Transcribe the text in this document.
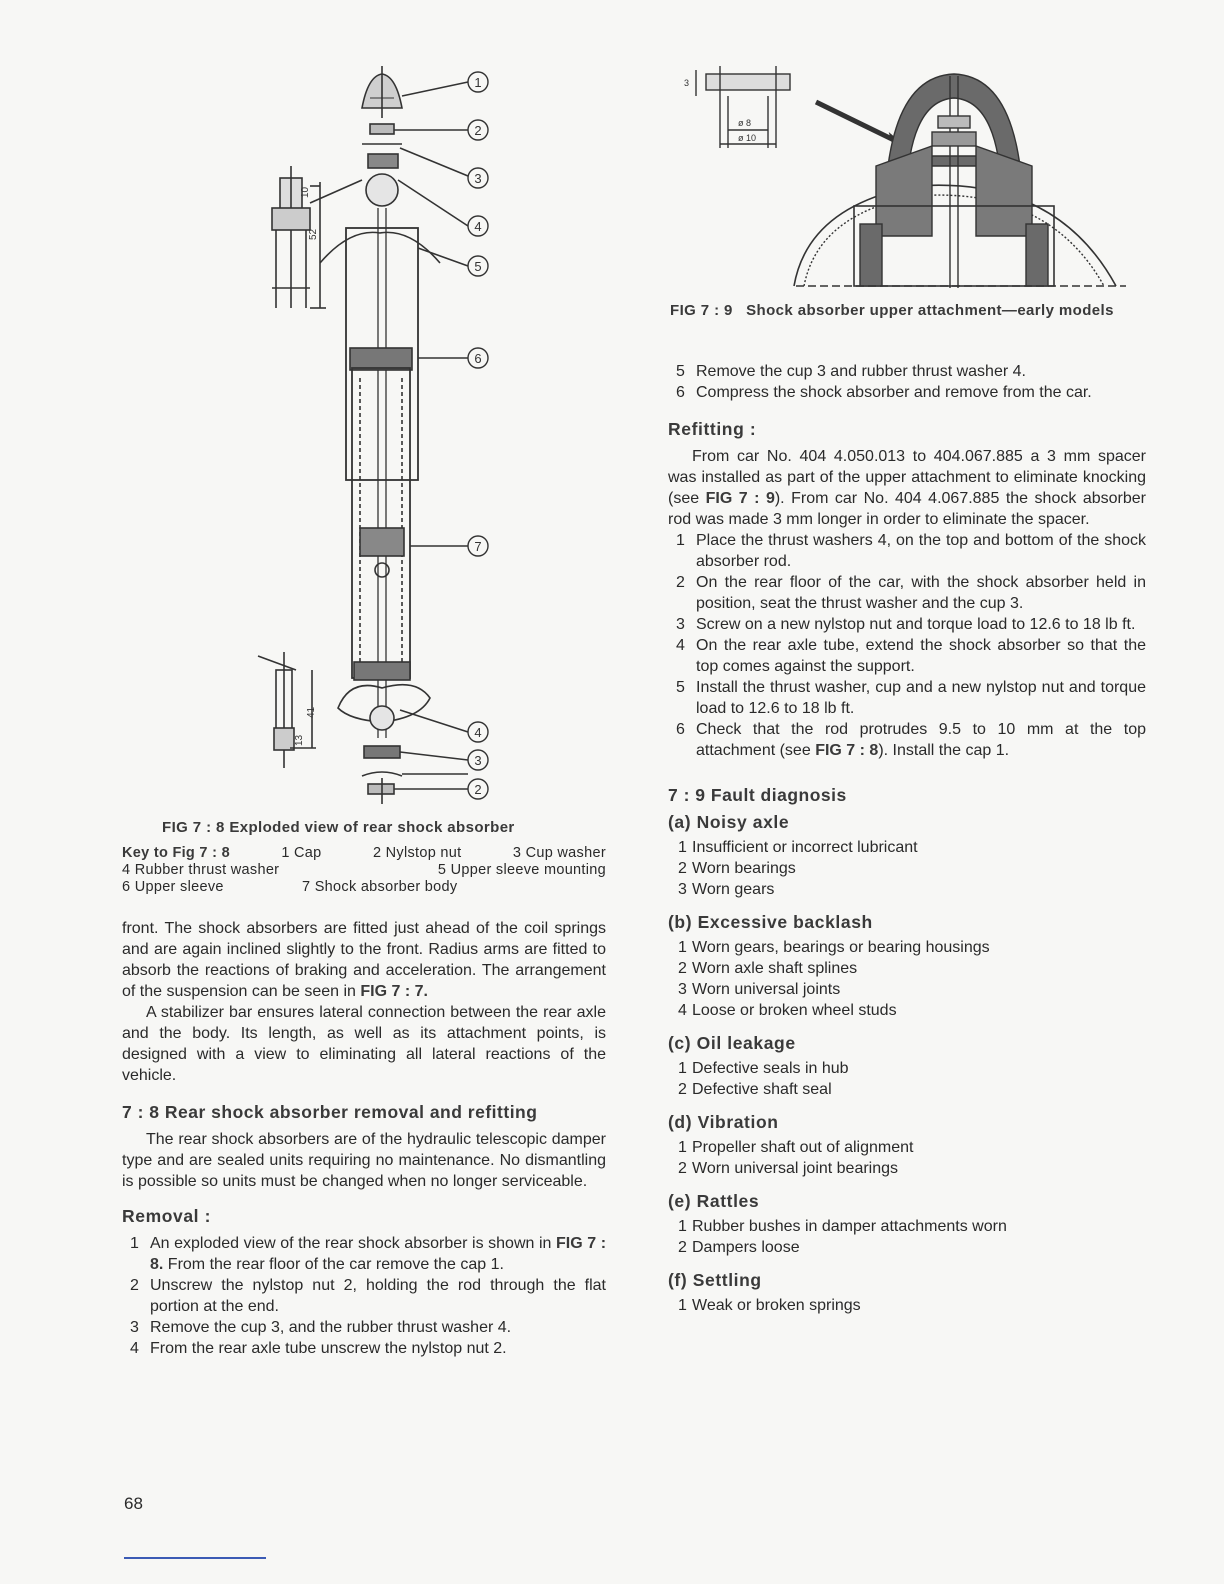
1
2
3
4
5
6
7
4
3
2
10
52
41
13
FIG 7 : 8 Exploded view of rear shock absorber
Key to Fig 7 : 8	1 Cap	2 Nylstop nut	3 Cup washer
4 Rubber thrust washer	5 Upper sleeve mounting
6 Upper sleeve	7 Shock absorber body

front. The shock absorbers are fitted just ahead of the coil springs and are again inclined slightly to the front. Radius arms are fitted to absorb the reactions of braking and acceleration. The arrangement of the suspension can be seen in FIG 7 : 7.

A stabilizer bar ensures lateral connection between the rear axle and the body. Its length, as well as its attachment points, is designed with a view to eliminating all lateral reactions of the vehicle.

7 : 8 Rear shock absorber removal and refitting

The rear shock absorbers are of the hydraulic telescopic damper type and are sealed units requiring no maintenance. No dismantling is possible so units must be changed when no longer serviceable.

Removal :
1 An exploded view of the rear shock absorber is shown in FIG 7 : 8. From the rear floor of the car remove the cap 1.
2 Unscrew the nylstop nut 2, holding the rod through the flat portion at the end.
3 Remove the cup 3, and the rubber thrust washer 4.
4 From the rear axle tube unscrew the nylstop nut 2.
68
3
ø 8
ø 10
FIG 7 : 9 Shock absorber upper attachment—early models
5 Remove the cup 3 and rubber thrust washer 4.
6 Compress the shock absorber and remove from the car.
Refitting :

From car No. 404 4.050.013 to 404.067.885 a 3 mm spacer was installed as part of the upper attachment to eliminate knocking (see FIG 7 : 9). From car No. 404 4.067.885 the shock absorber rod was made 3 mm longer in order to eliminate the spacer.

1 Place the thrust washers 4, on the top and bottom of the shock absorber rod.
2 On the rear floor of the car, with the shock absorber held in position, seat the thrust washer and the cup 3.
3 Screw on a new nylstop nut and torque load to 12.6 to 18 lb ft.
4 On the rear axle tube, extend the shock absorber so that the top comes against the support.
5 Install the thrust washer, cup and a new nylstop nut and torque load to 12.6 to 18 lb ft.
6 Check that the rod protrudes 9.5 to 10 mm at the top attachment (see FIG 7 : 8). Install the cap 1.
7 : 9 Fault diagnosis
(a) Noisy axle
1 Insufficient or incorrect lubricant
2 Worn bearings
3 Worn gears
(b) Excessive backlash
1 Worn gears, bearings or bearing housings
2 Worn axle shaft splines
3 Worn universal joints
4 Loose or broken wheel studs
(c) Oil leakage
1 Defective seals in hub
2 Defective shaft seal
(d) Vibration
1 Propeller shaft out of alignment
2 Worn universal joint bearings
(e) Rattles
1 Rubber bushes in damper attachments worn
2 Dampers loose
(f) Settling
1 Weak or broken springs
